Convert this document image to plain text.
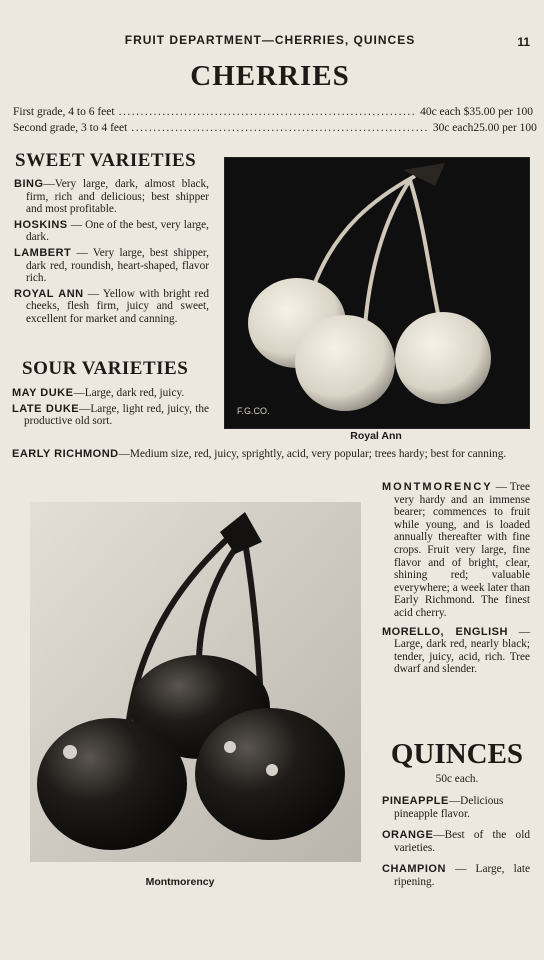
FRUIT DEPARTMENT—CHERRIES, QUINCES	11
CHERRIES
First grade, 4 to 6 feet .................................................................... 40c each $35.00 per 100
Second grade, 3 to 4 feet .................................................................... 30c each 25.00 per 100
SWEET VARIETIES

BING—Very large, dark, almost black, firm, rich and delicious; best shipper and most profitable.

HOSKINS — One of the best, very large, dark.

LAMBERT — Very large, best shipper, dark red, roundish, heart-shaped, flavor rich.

ROYAL ANN — Yellow with bright red cheeks, flesh firm, juicy and sweet, excellent for market and canning.

SOUR VARIETIES

MAY DUKE—Large, dark red, juicy.

LATE DUKE—Large, light red, juicy, the productive old sort.

F.G.CO.
Royal Ann

EARLY RICHMOND—Medium size, red, juicy, sprightly, acid, very popular; trees hardy; best for canning.

Montmorency

MONTMORENCY — Tree very hardy and an immense bearer; commences to fruit while young, and is loaded annually thereafter with fine crops. Fruit very large, fine flavor and of bright, clear, shining red; valuable everywhere; a week later than Early Richmond. The finest acid cherry.

MORELLO, ENGLISH —Large, dark red, nearly black; tender, juicy, acid, rich. Tree dwarf and slender.

QUINCES
50c each.

PINEAPPLE—Delicious pineapple flavor.

ORANGE—Best of the old varieties.

CHAMPION — Large, late ripening.
